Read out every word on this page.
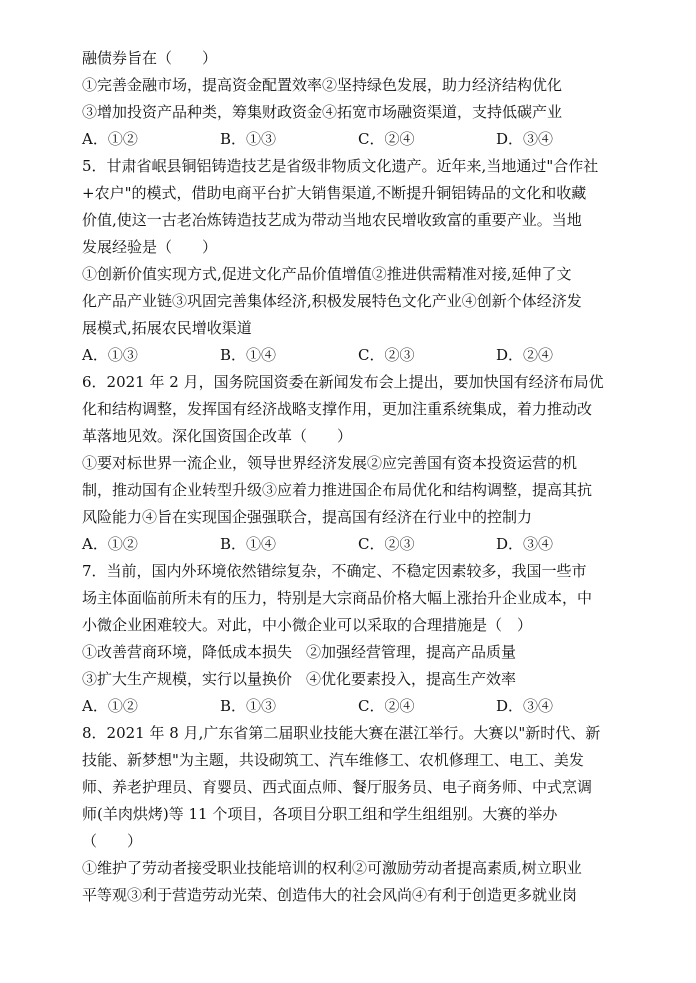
融债券旨在（　　）
①完善金融市场，提高资金配置效率②坚持绿色发展，助力经济结构优化
③增加投资产品种类，筹集财政资金④拓宽市场融资渠道，支持低碳产业
A．①②	B．①③	C．②④	D．③④
5．甘肃省岷县铜铝铸造技艺是省级非物质文化遗产。近年来,当地通过"合作社
+农户"的模式，借助电商平台扩大销售渠道,不断提升铜铝铸品的文化和收藏
价值,使这一古老冶炼铸造技艺成为带动当地农民增收致富的重要产业。当地
发展经验是（　　）
①创新价值实现方式,促进文化产品价值增值②推进供需精准对接,延伸了文
化产品产业链③巩固完善集体经济,积极发展特色文化产业④创新个体经济发
展模式,拓展农民增收渠道
A．①③	B．①④	C．②③	D．②④
6．2021 年 2 月，国务院国资委在新闻发布会上提出，要加快国有经济布局优
化和结构调整，发挥国有经济战略支撑作用，更加注重系统集成，着力推动改
革落地见效。深化国资国企改革（　　）
①要对标世界一流企业，领导世界经济发展②应完善国有资本投资运营的机
制，推动国有企业转型升级③应着力推进国企布局优化和结构调整，提高其抗
风险能力④旨在实现国企强强联合，提高国有经济在行业中的控制力
A．①②	B．①④	C．②③	D．③④
7．当前，国内外环境依然错综复杂，不确定、不稳定因素较多，我国一些市
场主体面临前所未有的压力，特别是大宗商品价格大幅上涨抬升企业成本，中
小微企业困难较大。对此，中小微企业可以采取的合理措施是（　）
①改善营商环境，降低成本损失 ②加强经营管理，提高产品质量
③扩大生产规模，实行以量换价 ④优化要素投入，提高生产效率
A．①②	B．①③	C．②④	D．③④
8．2021 年 8 月,广东省第二届职业技能大赛在湛江举行。大赛以"新时代、新
技能、新梦想"为主题，共设砌筑工、汽车维修工、农机修理工、电工、美发
师、养老护理员、育婴员、西式面点师、餐厅服务员、电子商务师、中式烹调
师(羊肉烘烤)等 11 个项目，各项目分职工组和学生组组别。大赛的举办
（　　）
①维护了劳动者接受职业技能培训的权利②可激励劳动者提高素质,树立职业
平等观③利于营造劳动光荣、创造伟大的社会风尚④有利于创造更多就业岗
